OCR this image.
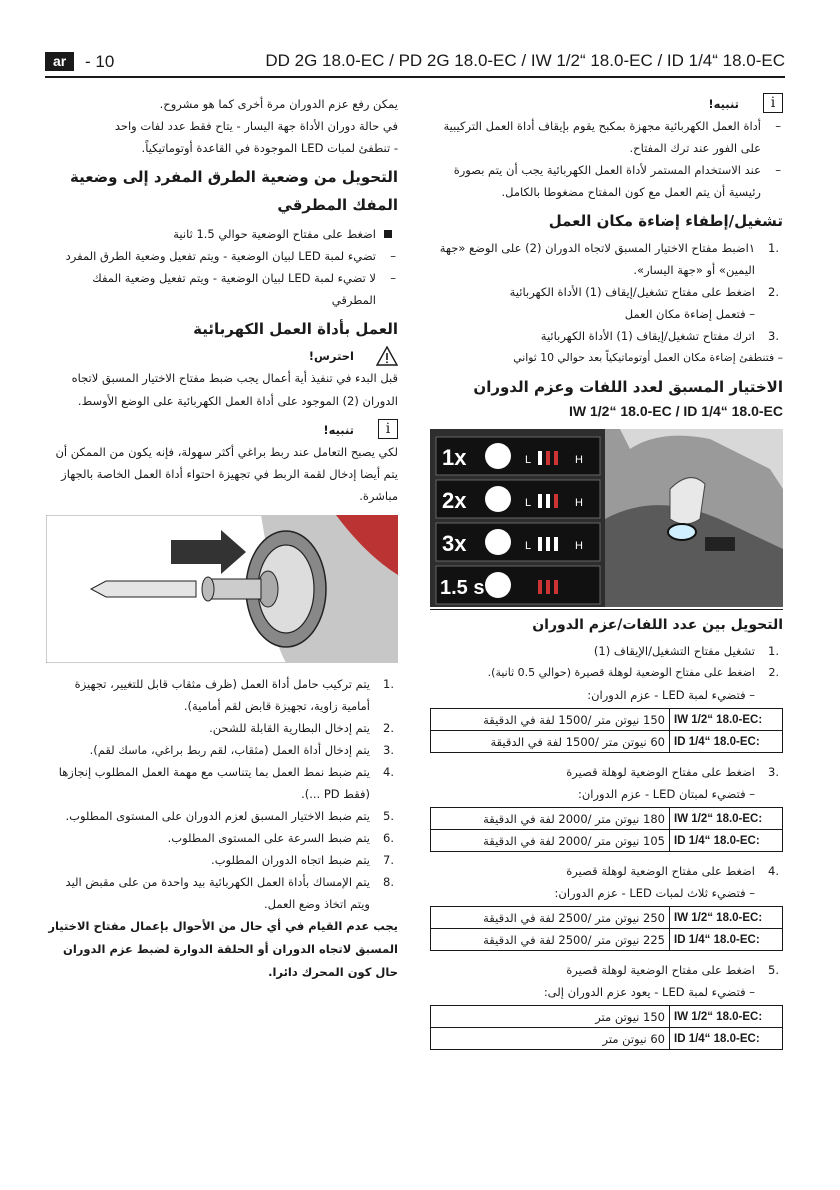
ar	- 10	DD 2G 18.0-EC / PD 2G 18.0-EC / IW 1/2“ 18.0-EC / ID 1/4“ 18.0-EC
i
تنبيه!
–
أداة العمل الكهربائية مجهزة بمكبح يقوم بإيقاف أداة العمل التركيبية على الفور عند ترك المفتاح.
–
عند الاستخدام المستمر لأداة العمل الكهربائية يجب أن يتم بصورة رئيسية أن يتم العمل مع كون المفتاح مضغوطا بالكامل.
تشغيل/إطفاء إضاءة مكان العمل
1.
١اضبط مفتاح الاختيار المسبق لاتجاه الدوران (2) على الوضع «جهة اليمين» أو «جهة اليسار».
2.
اضغط على مفتاح تشغيل/إيقاف (1) الأداة الكهربائية
– فتعمل إضاءة مكان العمل
3.
اترك مفتاح تشغيل/إيقاف (1) الأداة الكهربائية
– فتنطفئ إضاءة مكان العمل أوتوماتيكياً بعد حوالي 10 ثواني
الاختيار المسبق لعدد اللفات وعزم الدوران
IW 1/2“ 18.0-EC / ID 1/4“ 18.0-EC
1x	L	H
2x	L	H
3x	L	H
1.5 s
التحويل بين عدد اللفات/عزم الدوران
1.
تشغيل مفتاح التشغيل/الإيقاف (1)
2.
اضغط على مفتاح الوضعية لوهلة قصيرة (حوالي 0.5 ثانية).
– فتضيء لمبة LED - عزم الدوران:
IW 1/2“ 18.0-EC:	150 نيوتن متر /1500 لفة في الدقيقة
ID 1/4“ 18.0-EC:	60 نيوتن متر /1500 لفة في الدقيقة
3.
اضغط على مفتاح الوضعية لوهلة قصيرة
– فتضيء لمبتان LED - عزم الدوران:
IW 1/2“ 18.0-EC:	180 نيوتن متر /2000 لفة في الدقيقة
ID 1/4“ 18.0-EC:	105 نيوتن متر /2000 لفة في الدقيقة
4.
اضغط على مفتاح الوضعية لوهلة قصيرة
– فتضيء ثلاث لمبات LED - عزم الدوران:
IW 1/2“ 18.0-EC:	250 نيوتن متر /2500 لفة في الدقيقة
ID 1/4“ 18.0-EC:	225 نيوتن متر /2500 لفة في الدقيقة
5.
اضغط على مفتاح الوضعية لوهلة قصيرة
– فتضيء لمبة LED - يعود عزم الدوران إلى:
IW 1/2“ 18.0-EC:	150 نيوتن متر
ID 1/4“ 18.0-EC:	60 نيوتن متر
يمكن رفع عزم الدوران مرة أخرى كما هو مشروح.
في حالة دوران الأداة جهة اليسار - يتاح فقط عدد لفات واحد
- تنطفئ لمبات LED الموجودة في القاعدة أوتوماتيكياً.
التحويل من وضعية الطرق المفرد إلى وضعية المفك المطرقي
اضغط على مفتاح الوضعية حوالي 1.5 ثانية
–
تضيء لمبة LED لبيان الوضعية - ويتم تفعيل وضعية الطرق المفرد
–
لا تضيء لمبة LED لبيان الوضعية - ويتم تفعيل وضعية المفك المطرقي
العمل بأداة العمل الكهربائية
احترس!
قبل البدء في تنفيذ أية أعمال يجب ضبط مفتاح الاختيار المسبق لاتجاه الدوران (2) الموجود على أداة العمل الكهربائية على الوضع الأوسط.
i
تنبيه!
لكي يصبح التعامل عند ربط براغي أكثر سهولة، فإنه يكون من الممكن أن يتم أيضا إدخال لقمة الربط في تجهيزة احتواء أداة العمل الخاصة بالجهاز مباشرة.
1.
يتم تركيب حامل أداة العمل (ظرف مثقاب قابل للتغيير، تجهيزة أمامية زاوية، تجهيزة قابض لقم أمامية).
2.
يتم إدخال البطارية القابلة للشحن.
3.
يتم إدخال أداة العمل (مثقاب، لقم ربط براغي، ماسك لقم).
4.
يتم ضبط نمط العمل بما يتناسب مع مهمة العمل المطلوب إنجازها (فقط PD ...).
5.
يتم ضبط الاختيار المسبق لعزم الدوران على المستوى المطلوب.
6.
يتم ضبط السرعة على المستوى المطلوب.
7.
يتم ضبط اتجاه الدوران المطلوب.
8.
يتم الإمساك بأداة العمل الكهربائية بيد واحدة من على مقبض اليد ويتم اتخاذ وضع العمل.
يجب عدم القيام في أي حال من الأحوال بإعمال مفتاح الاختيار المسبق لاتجاه الدوران أو الحلقة الدوارة لضبط عزم الدوران حال كون المحرك دائرا.
